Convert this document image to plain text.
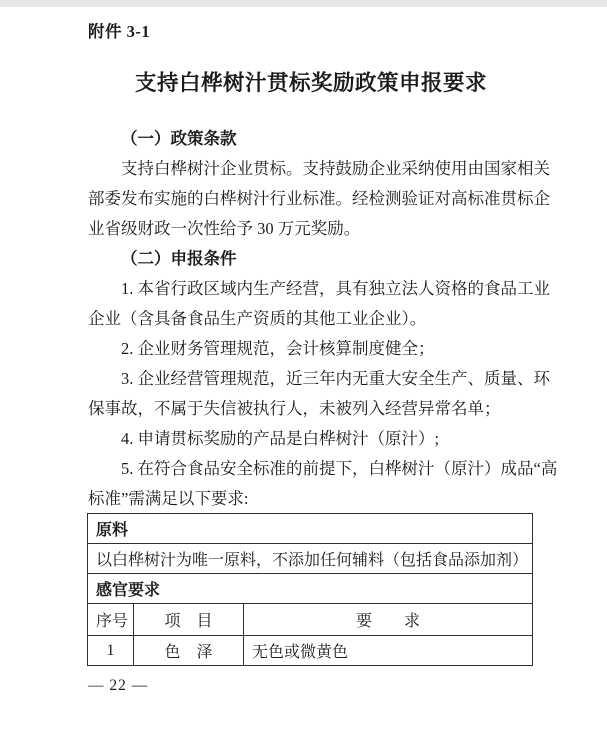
附件 3-1
支持白桦树汁贯标奖励政策申报要求
（一）政策条款
支持白桦树汁企业贯标。支持鼓励企业采纳使用由国家相关
部委发布实施的白桦树汁行业标准。经检测验证对高标准贯标企
业省级财政一次性给予 30 万元奖励。
（二）申报条件
1. 本省行政区域内生产经营，具有独立法人资格的食品工业
企业（含具备食品生产资质的其他工业企业）。
2. 企业财务管理规范，会计核算制度健全；
3. 企业经营管理规范，近三年内无重大安全生产、质量、环
保事故，不属于失信被执行人，未被列入经营异常名单；
4. 申请贯标奖励的产品是白桦树汁（原汁）;
5. 在符合食品安全标准的前提下，白桦树汁（原汁）成品“高
标准”需满足以下要求:
原料		
以白桦树汁为唯一原料，不添加任何辅料（包括食品添加剂）		
感官要求		
序号	项　目	要　　求
1	色　泽	无色或微黄色
— 22 —
